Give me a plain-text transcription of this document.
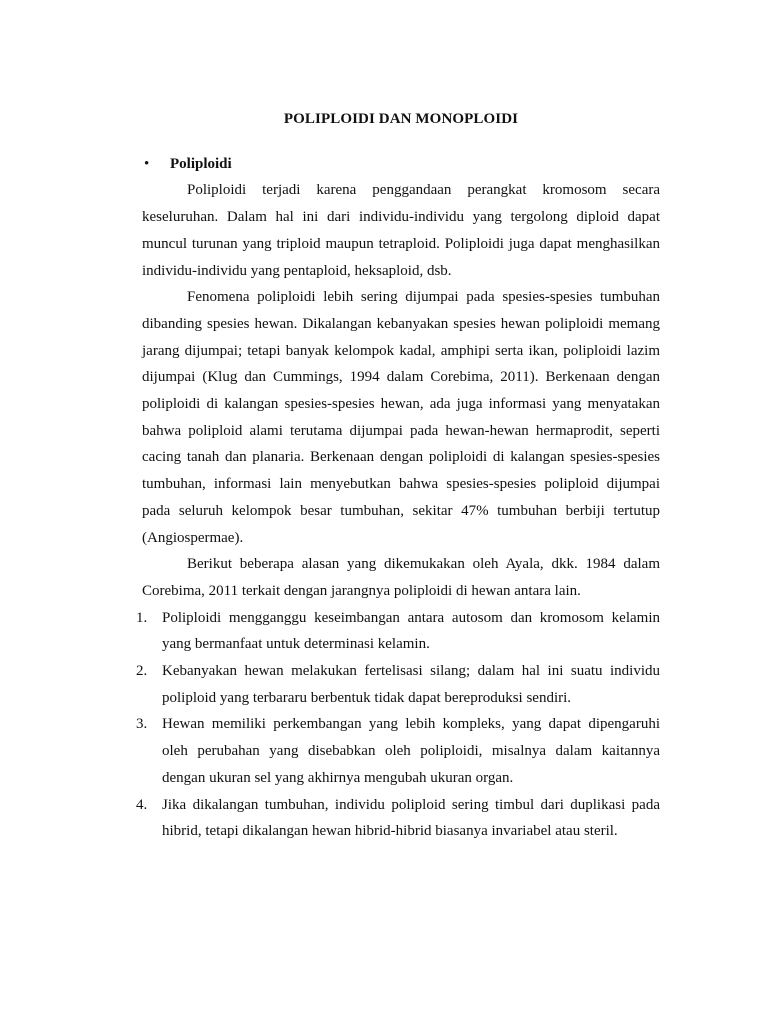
POLIPLOIDI DAN MONOPLOIDI
•	Poliploidi

Poliploidi terjadi karena penggandaan perangkat kromosom secara keseluruhan. Dalam hal ini dari individu-individu yang tergolong diploid dapat muncul turunan yang triploid maupun tetraploid. Poliploidi juga dapat menghasilkan individu-individu yang pentaploid, heksaploid, dsb.

Fenomena poliploidi lebih sering dijumpai pada spesies-spesies tumbuhan dibanding spesies hewan. Dikalangan kebanyakan spesies hewan poliploidi memang jarang dijumpai; tetapi banyak kelompok kadal, amphipi serta ikan, poliploidi lazim dijumpai (Klug dan Cummings, 1994 dalam Corebima, 2011). Berkenaan dengan poliploidi di kalangan spesies-spesies hewan, ada juga informasi yang menyatakan bahwa poliploid alami terutama dijumpai pada hewan-hewan hermaprodit, seperti cacing tanah dan planaria. Berkenaan dengan poliploidi di kalangan spesies-spesies tumbuhan, informasi lain menyebutkan bahwa spesies-spesies poliploid dijumpai pada seluruh kelompok besar tumbuhan, sekitar 47% tumbuhan berbiji tertutup (Angiospermae).

Berikut beberapa alasan yang dikemukakan oleh Ayala, dkk. 1984 dalam Corebima, 2011 terkait dengan jarangnya poliploidi di hewan antara lain.

1. Poliploidi mengganggu keseimbangan antara autosom dan kromosom kelamin yang bermanfaat untuk determinasi kelamin.
2. Kebanyakan hewan melakukan fertelisasi silang; dalam hal ini suatu individu poliploid yang terbararu berbentuk tidak dapat bereproduksi sendiri.
3. Hewan memiliki perkembangan yang lebih kompleks, yang dapat dipengaruhi oleh perubahan yang disebabkan oleh poliploidi, misalnya dalam kaitannya dengan ukuran sel yang akhirnya mengubah ukuran organ.
4. Jika dikalangan tumbuhan, individu poliploid sering timbul dari duplikasi pada hibrid, tetapi dikalangan hewan hibrid-hibrid biasanya invariabel atau steril.
